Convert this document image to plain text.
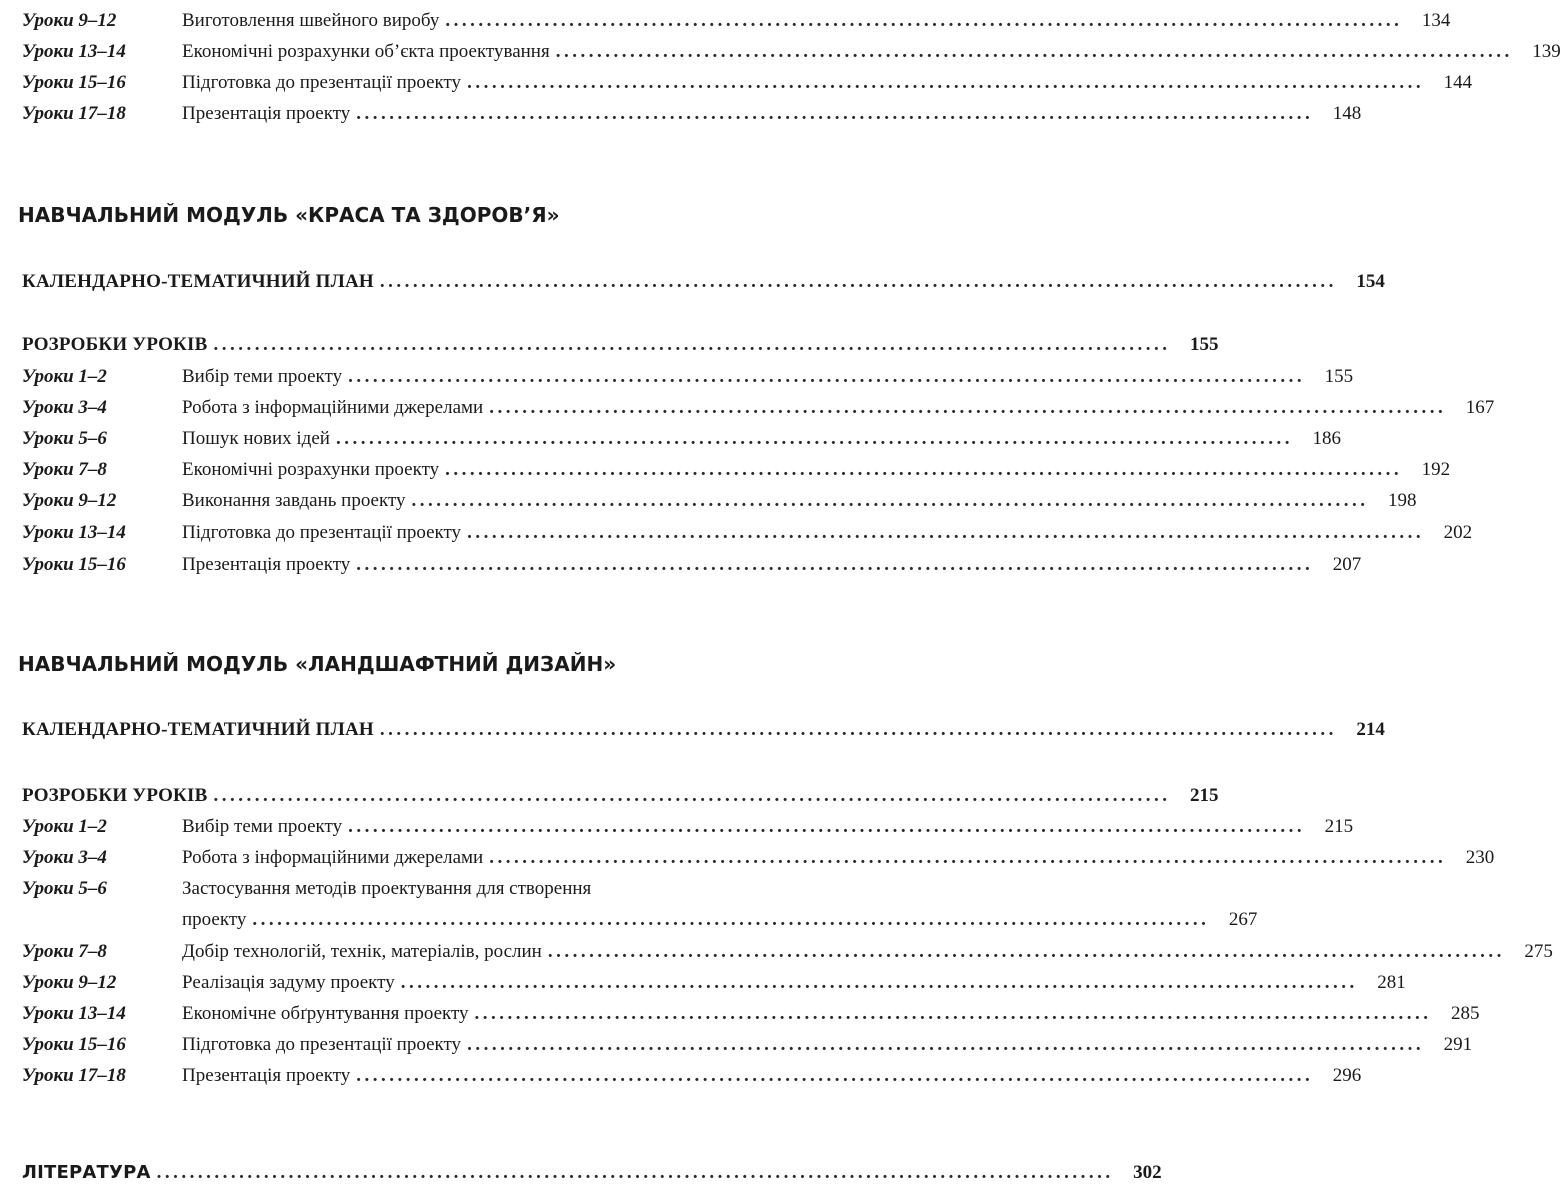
Уроки 9–12	Виготовлення швейного виробу ....................................................................................................................	134
Уроки 13–14	Економічні розрахунки об’єкта проектування ....................................................................................................................	139
Уроки 15–16	Підготовка до презентації проекту ....................................................................................................................	144
Уроки 17–18	Презентація проекту ....................................................................................................................	148
НАВЧАЛЬНИЙ МОДУЛЬ «КРАСА ТА ЗДОРОВ’Я»
КАЛЕНДАРНО-ТЕМАТИЧНИЙ ПЛАН ....................................................................................................................	154
РОЗРОБКИ УРОКІВ ....................................................................................................................	155
Уроки 1–2	Вибір теми проекту ....................................................................................................................	155
Уроки 3–4	Робота з інформаційними джерелами ....................................................................................................................	167
Уроки 5–6	Пошук нових ідей ....................................................................................................................	186
Уроки 7–8	Економічні розрахунки проекту ....................................................................................................................	192
Уроки 9–12	Виконання завдань проекту ....................................................................................................................	198
Уроки 13–14	Підготовка до презентації проекту ....................................................................................................................	202
Уроки 15–16	Презентація проекту ....................................................................................................................	207
НАВЧАЛЬНИЙ МОДУЛЬ «ЛАНДШАФТНИЙ ДИЗАЙН»
КАЛЕНДАРНО-ТЕМАТИЧНИЙ ПЛАН ....................................................................................................................	214
РОЗРОБКИ УРОКІВ ....................................................................................................................	215
Уроки 1–2	Вибір теми проекту ....................................................................................................................	215
Уроки 3–4	Робота з інформаційними джерелами ....................................................................................................................	230
Уроки 5–6	Застосування методів проектування для створення
проекту ....................................................................................................................	267
Уроки 7–8	Добір технологій, технік, матеріалів, рослин ....................................................................................................................	275
Уроки 9–12	Реалізація задуму проекту ....................................................................................................................	281
Уроки 13–14	Економічне обґрунтування проекту ....................................................................................................................	285
Уроки 15–16	Підготовка до презентації проекту ....................................................................................................................	291
Уроки 17–18	Презентація проекту ....................................................................................................................	296
ЛІТЕРАТУРА ....................................................................................................................	302
